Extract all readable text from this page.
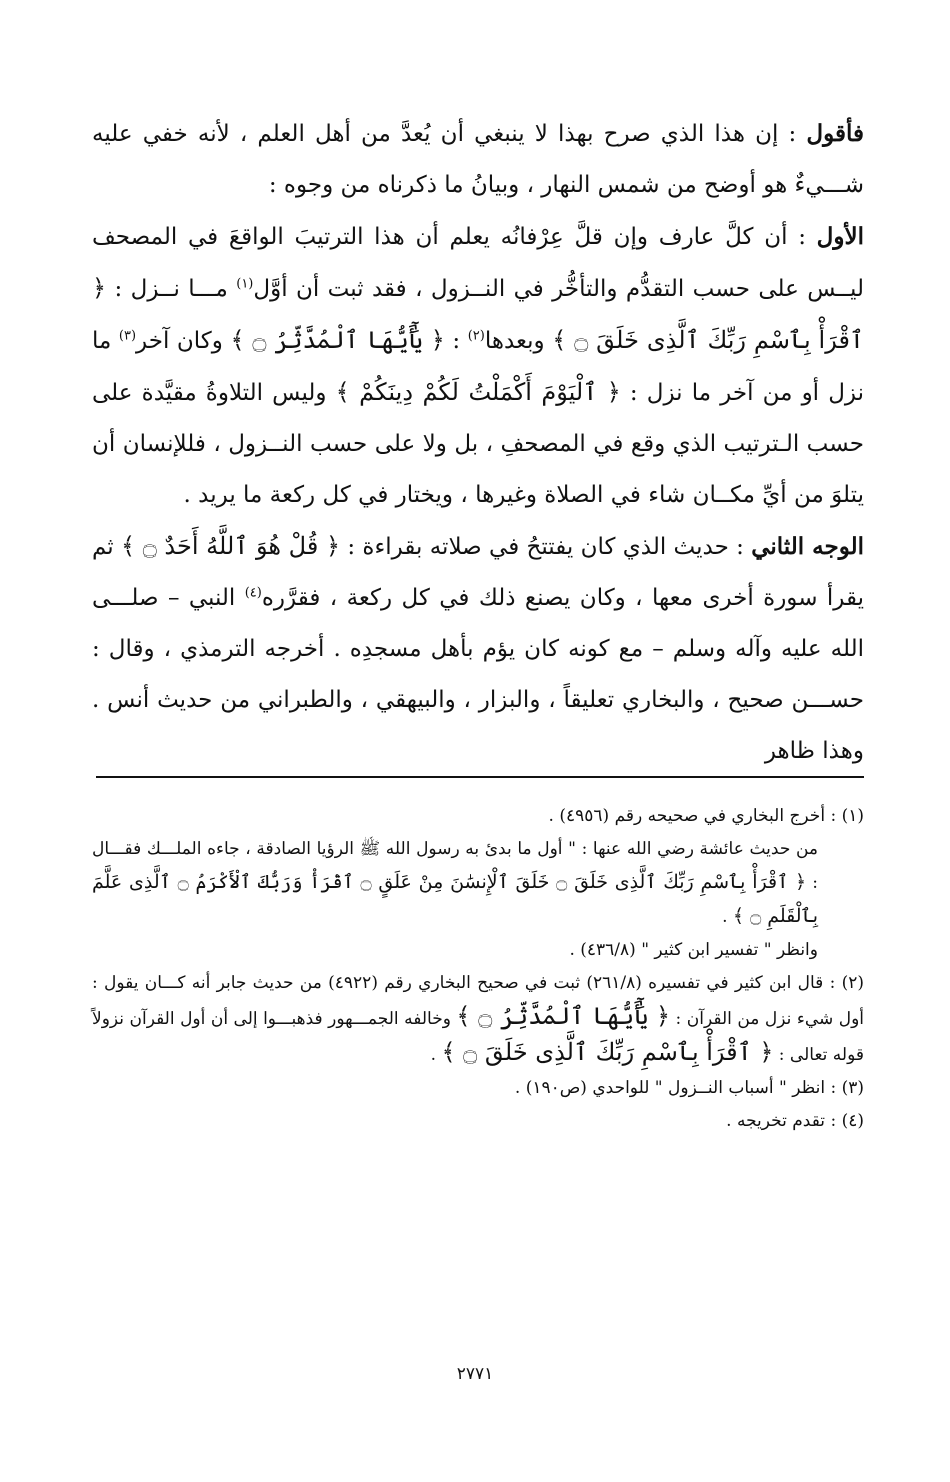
فأقول : إن هذا الذي صرح بهذا لا ينبغي أن يُعدَّ من أهل العلم ، لأنه خفي عليه شـــيءٌ هو أوضح من شمس النهار ، وبيانُ ما ذكرناه من وجوه :

الأول : أن كلَّ عارف وإن قلَّ عِرْفانُه يعلم أن هذا الترتيبَ الواقعَ في المصحف ليــس على حسب التقدُّم والتأخُّر في النــزول ، فقد ثبت أن أوَّل$^{(١)}$ مـــا نــزل : ﴿ ٱقْرَأْ بِٱسْمِ رَبِّكَ ٱلَّذِى خَلَقَ ۝ ﴾ وبعدها$^{(٢)}$ : ﴿ يَٰٓأَيُّهَا ٱلْمُدَّثِّرُ ۝ ﴾ وكان آخر$^{(٣)}$ ما نزل أو من آخر ما نزل : ﴿ ٱلْيَوْمَ أَكْمَلْتُ لَكُمْ دِينَكُمْ ﴾ وليس التلاوةُ مقيَّدة على حسب الـترتيب الذي وقع في المصحفِ ، بل ولا على حسب النــزول ، فللإنسان أن يتلوَ من أيِّ مكــان شاء في الصلاة وغيرها ، ويختار في كل ركعة ما يريد .

الوجه الثاني : حديث الذي كان يفتتحُ في صلاته بقراءة : ﴿ قُلْ هُوَ ٱللَّهُ أَحَدٌ ۝ ﴾ ثم يقرأ سورة أخرى معها ، وكان يصنع ذلك في كل ركعة ، فقرَّره$^{(٤)}$ النبي – صلـــى الله عليه وآله وسلم – مع كونه كان يؤم بأهل مسجدِه . أخرجه الترمذي ، وقال : حســـن صحيح ، والبخاري تعليقاً ، والبزار ، والبيهقي ، والطبراني من حديث أنس . وهذا ظاهر

(١) : أخرج البخاري في صحيحه رقم (٤٩٥٦) .

من حديث عائشة رضي الله عنها : " أول ما بدئ به رسول الله ﷺ الرؤيا الصادقة ، جاءه الملـــك فقـــال : ﴿ ٱقْرَأْ بِٱسْمِ رَبِّكَ ٱلَّذِى خَلَقَ ۝ خَلَقَ ٱلْإِنسَٰنَ مِنْ عَلَقٍ ۝ ٱقْرَأْ وَرَبُّكَ ٱلْأَكْرَمُ ۝ ٱلَّذِى عَلَّمَ بِٱلْقَلَمِ ۝ ﴾ .

وانظر " تفسير ابن كثير " (٤٣٦/٨) .

(٢) : قال ابن كثير في تفسيره (٢٦١/٨) ثبت في صحيح البخاري رقم (٤٩٢٢) من حديث جابر أنه كـــان يقول : أول شيء نزل من القرآن : ﴿ يَٰٓأَيُّهَا ٱلْمُدَّثِّرُ ۝ ﴾ وخالفه الجمـــهور فذهبـــوا إلى أن أول القرآن نزولاً قوله تعالى : ﴿ ٱقْرَأْ بِٱسْمِ رَبِّكَ ٱلَّذِى خَلَقَ ۝ ﴾ .

(٣) : انظر " أسباب النــزول " للواحدي (ص١٩٠) .

(٤) : تقدم تخريجه .

٢٧٧١
